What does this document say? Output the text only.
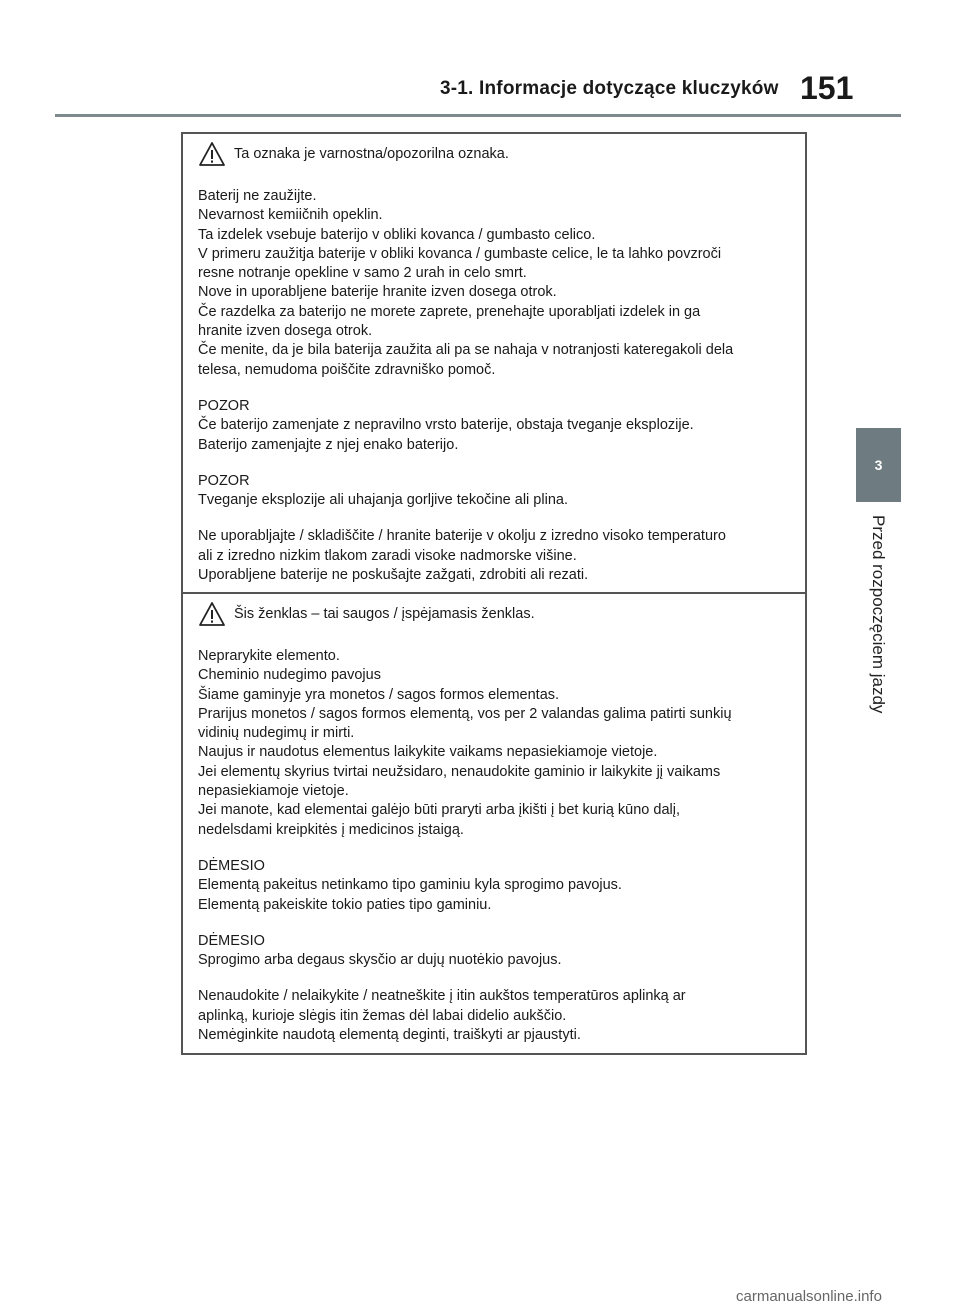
3-1. Informacje dotyczące kluczyków 151
3
Przed rozpoczęciem jazdy
Ta oznaka je varnostna/opozorilna oznaka.
Baterij ne zaužijte.
Nevarnost kemiičnih opeklin.
Ta izdelek vsebuje baterijo v obliki kovanca / gumbasto celico.
V primeru zaužitja baterije v obliki kovanca / gumbaste celice, le ta lahko povzroči
resne notranje opekline v samo 2 urah in celo smrt.
Nove in uporabljene baterije hranite izven dosega otrok.
Če razdelka za baterijo ne morete zaprete, prenehajte uporabljati izdelek in ga
hranite izven dosega otrok.
Če menite, da je bila baterija zaužita ali pa se nahaja v notranjosti kateregakoli dela
telesa, nemudoma poiščite zdravniško pomoč.
POZOR
Če baterijo zamenjate z nepravilno vrsto baterije, obstaja tveganje eksplozije.
Baterijo zamenjajte z njej enako baterijo.
POZOR
Tveganje eksplozije ali uhajanja gorljive tekočine ali plina.
Ne uporabljajte / skladiščite / hranite baterije v okolju z izredno visoko temperaturo
ali z izredno nizkim tlakom zaradi visoke nadmorske višine.
Uporabljene baterije ne poskušajte zažgati, zdrobiti ali rezati.
Šis ženklas – tai saugos / įspėjamasis ženklas.
Neprarykite elemento.
Cheminio nudegimo pavojus
Šiame gaminyje yra monetos / sagos formos elementas.
Prarijus monetos / sagos formos elementą, vos per 2 valandas galima patirti sunkių
vidinių nudegimų ir mirti.
Naujus ir naudotus elementus laikykite vaikams nepasiekiamoje vietoje.
Jei elementų skyrius tvirtai neužsidaro, nenaudokite gaminio ir laikykite jį vaikams
nepasiekiamoje vietoje.
Jei manote, kad elementai galėjo būti praryti arba įkišti į bet kurią kūno dalį,
nedelsdami kreipkitės į medicinos įstaigą.
DĖMESIO
Elementą pakeitus netinkamo tipo gaminiu kyla sprogimo pavojus.
Elementą pakeiskite tokio paties tipo gaminiu.
DĖMESIO
Sprogimo arba degaus skysčio ar dujų nuotėkio pavojus.
Nenaudokite / nelaikykite / neatneškite į itin aukštos temperatūros aplinką ar
aplinką, kurioje slėgis itin žemas dėl labai didelio aukščio.
Nemėginkite naudotą elementą deginti, traiškyti ar pjaustyti.
carmanualsonline.info
